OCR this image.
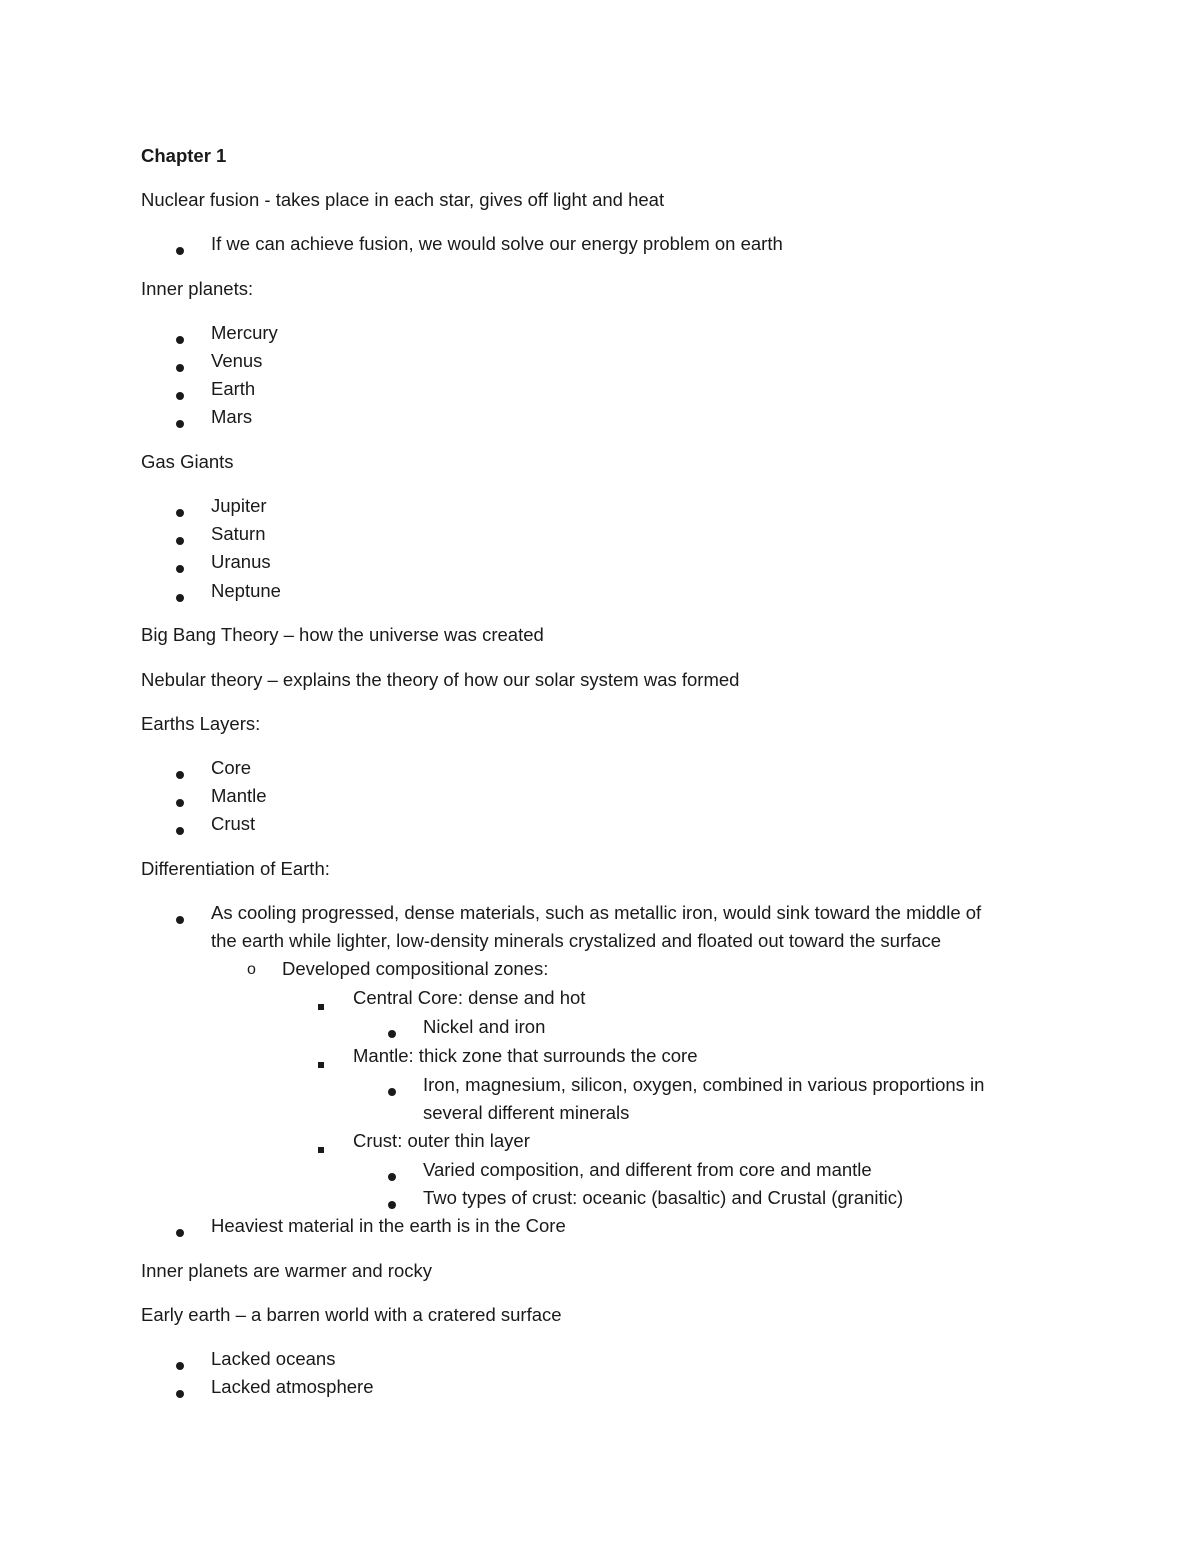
Chapter 1
Nuclear fusion - takes place in each star, gives off light and heat
If we can achieve fusion, we would solve our energy problem on earth
Inner planets:
Mercury
Venus
Earth
Mars
Gas Giants
Jupiter
Saturn
Uranus
Neptune
Big Bang Theory – how the universe was created
Nebular theory – explains the theory of how our solar system was formed
Earths Layers:
Core
Mantle
Crust
Differentiation of Earth:
As cooling progressed, dense materials, such as metallic iron, would sink toward the middle of
the earth while lighter, low-density minerals crystalized and floated out toward the surface
o Developed compositional zones:
Central Core: dense and hot
Nickel and iron
Mantle: thick zone that surrounds the core
Iron, magnesium, silicon, oxygen, combined in various proportions in
several different minerals
Crust: outer thin layer
Varied composition, and different from core and mantle
Two types of crust: oceanic (basaltic) and Crustal (granitic)
Heaviest material in the earth is in the Core
Inner planets are warmer and rocky
Early earth – a barren world with a cratered surface
Lacked oceans
Lacked atmosphere
